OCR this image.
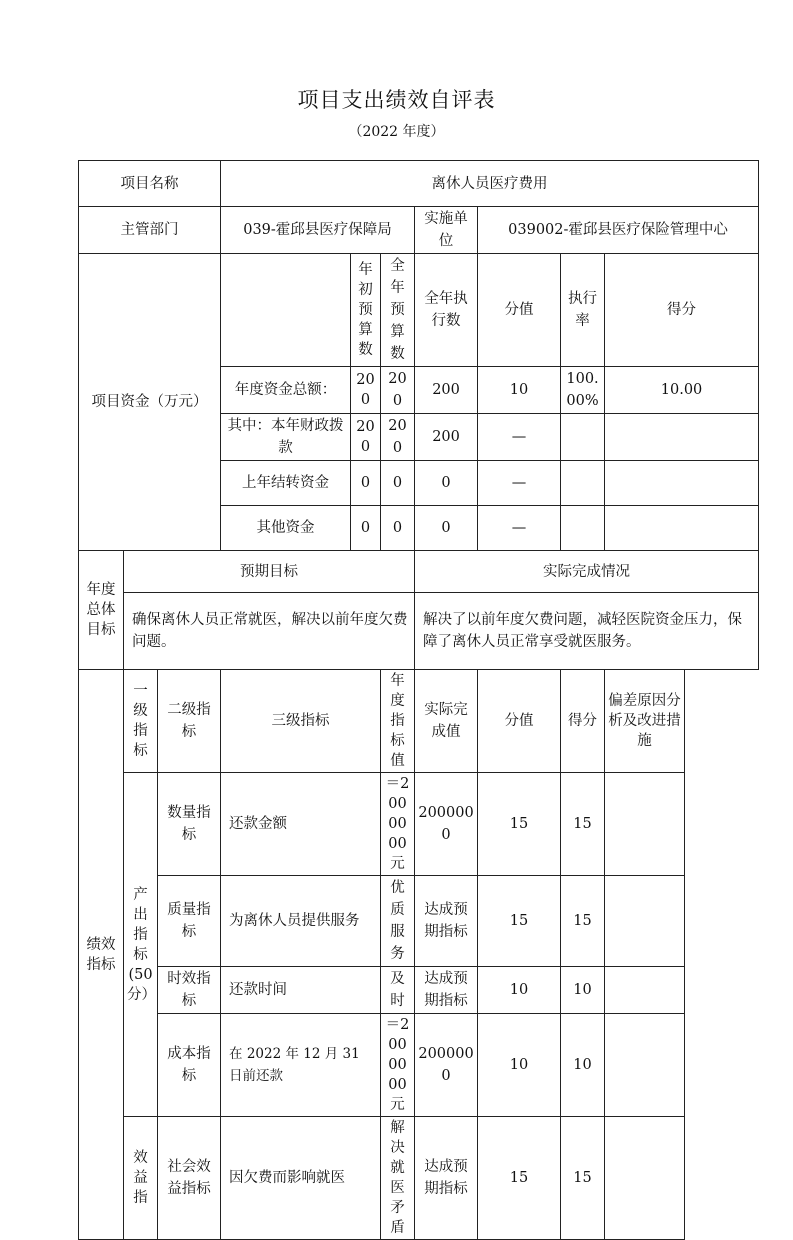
项目支出绩效自评表
（2022 年度）
项目名称			离休人员医疗费用						
主管部门			039-霍邱县医疗保障局			实施单位	039002-霍邱县医疗保险管理中心		
项目资金（万元）				年初预算数	全年预算数	全年执行数	分值	执行率	得分
			年度资金总额：	200	200	200	10	100.00%	10.00
			其中：本年财政拨款	200	200	200	—		
			上年结转资金	0	0	0	—		
			其他资金	0	0	0	—		
年度总体目标	预期目标					实际完成情况			
	确保离休人员正常就医，解决以前年度欠费问题。					解决了以前年度欠费问题，减轻医院资金压力，保障了离休人员正常享受就医服务。			
绩效指标	一级指标	二级指标	三级指标		年度指标值	实际完成值	分值	得分	偏差原因分析及改进措施
	产出指标(50分）	数量指标	还款金额		＝2000000元	2000000	15	15	
		质量指标	为离休人员提供服务		优质服务	达成预期指标	15	15	
		时效指标	还款时间		及时	达成预期指标	10	10	
		成本指标	在 2022 年 12 月 31 日前还款		＝2000000元	2000000	10	10	
	效益指	社会效益指标	因欠费而影响就医		解决就医矛盾	达成预期指标	15	15	
